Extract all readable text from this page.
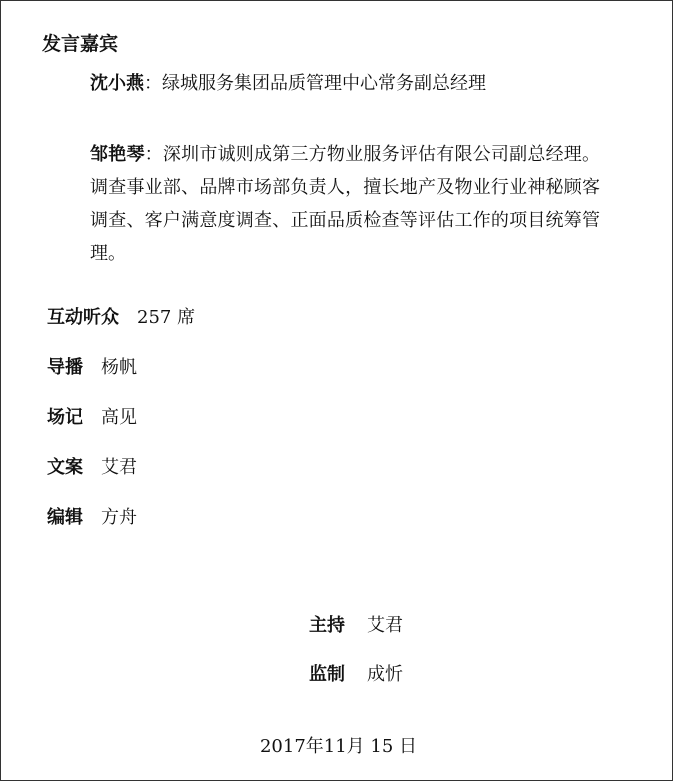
发言嘉宾

沈小燕：绿城服务集团品质管理中心常务副总经理

邹艳琴：深圳市诚则成第三方物业服务评估有限公司副总经理。调查事业部、品牌市场部负责人，擅长地产及物业行业神秘顾客调查、客户满意度调查、正面品质检查等评估工作的项目统筹管理。

互动听众 257 席
导播 杨帆
场记 高见
文案 艾君
编辑 方舟
主持 艾君
监制 成忻
2017年11月 15 日
